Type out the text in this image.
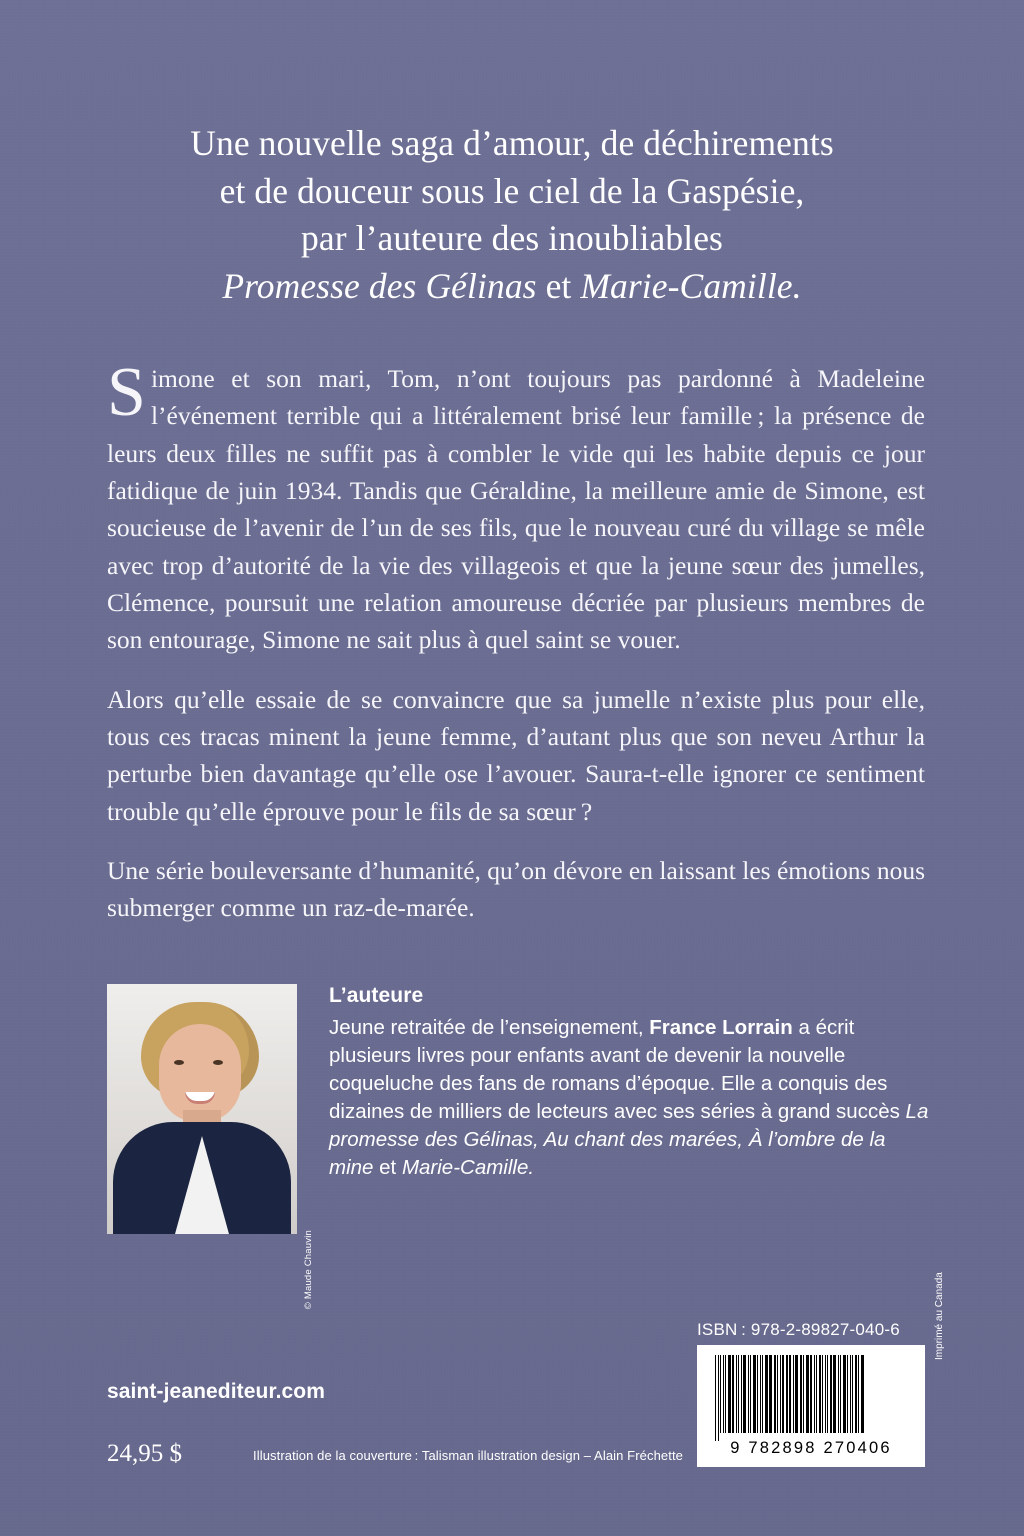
Une nouvelle saga d’amour, de déchirements
et de douceur sous le ciel de la Gaspésie,
par l’auteure des inoubliables
Promesse des Gélinas et Marie-Camille.

Simone et son mari, Tom, n’ont toujours pas pardonné à Madeleine l’événement terrible qui a littéralement brisé leur famille ; la présence de leurs deux filles ne suffit pas à combler le vide qui les habite depuis ce jour fatidique de juin 1934. Tandis que Géraldine, la meilleure amie de Simone, est soucieuse de l’avenir de l’un de ses fils, que le nouveau curé du village se mêle avec trop d’autorité de la vie des villageois et que la jeune sœur des jumelles, Clémence, poursuit une relation amoureuse décriée par plusieurs membres de son entourage, Simone ne sait plus à quel saint se vouer.

Alors qu’elle essaie de se convaincre que sa jumelle n’existe plus pour elle, tous ces tracas minent la jeune femme, d’autant plus que son neveu Arthur la perturbe bien davantage qu’elle ose l’avouer. Saura-t-elle ignorer ce sentiment trouble qu’elle éprouve pour le fils de sa sœur ?

Une série bouleversante d’humanité, qu’on dévore en laissant les émotions nous submerger comme un raz-de-marée.

© Maude Chauvin

L’auteure

Jeune retraitée de l’enseignement, France Lorrain a écrit plusieurs livres pour enfants avant de devenir la nouvelle coqueluche des fans de romans d’époque. Elle a conquis des dizaines de milliers de lecteurs avec ses séries à grand succès La promesse des Gélinas, Au chant des marées, À l’ombre de la mine et Marie-Camille.

ISBN : 978-2-89827-040-6
9 782898 270406
Imprimé au Canada
saint-jeanediteur.com
24,95 $	Illustration de la couverture : Talisman illustration design – Alain Fréchette
